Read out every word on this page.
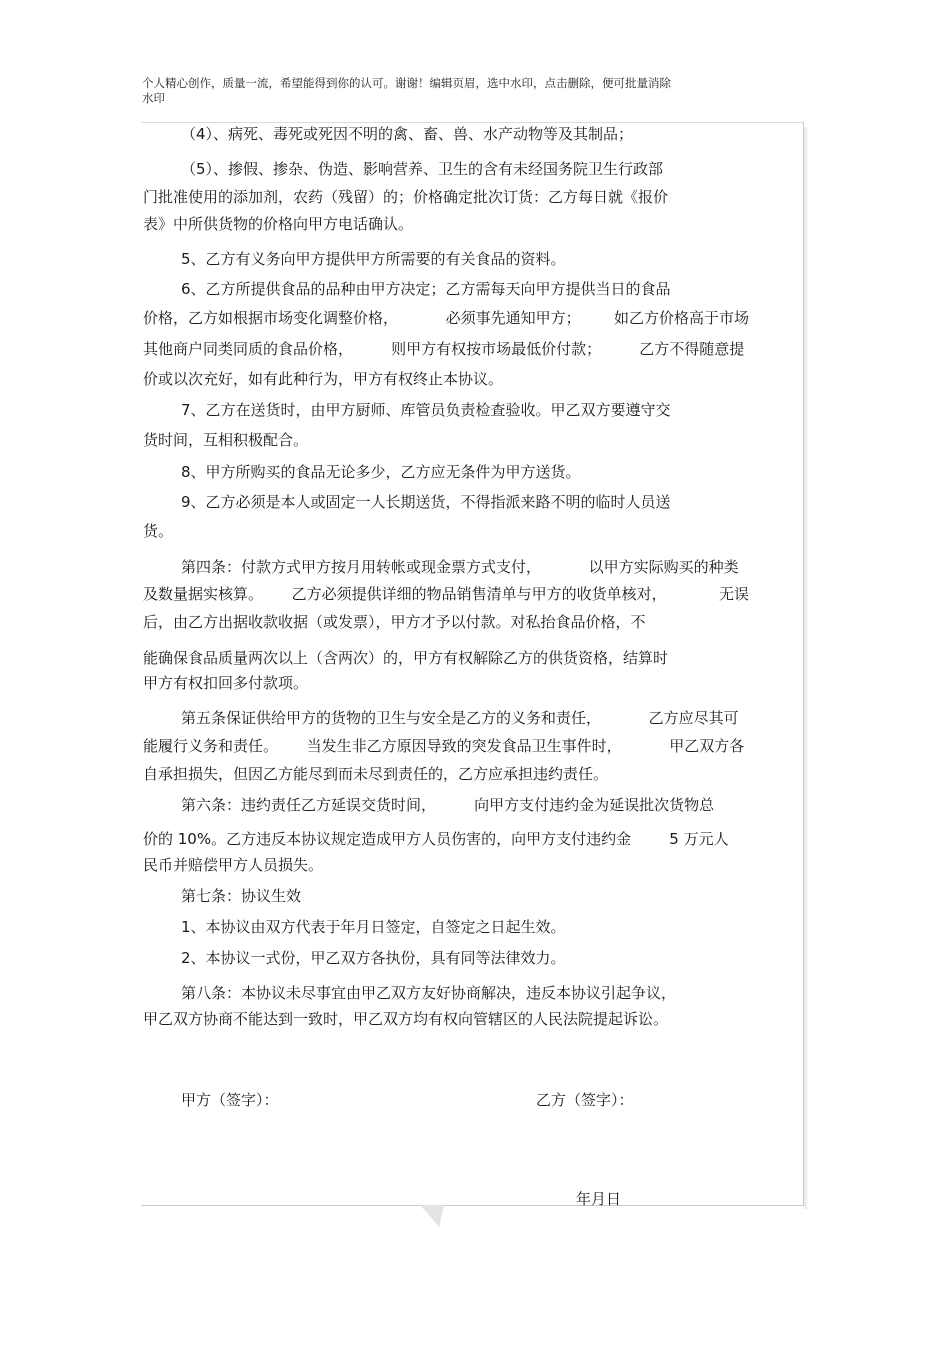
个人精心创作，质量一流，希望能得到你的认可。谢谢！编辑页眉，选中水印，点击删除，便可批量消除
水印
（4）、病死、毒死或死因不明的禽、畜、兽、水产动物等及其制品；
（5）、掺假、掺杂、伪造、影响营养、卫生的含有未经国务院卫生行政部
门批准使用的添加剂，农药（残留）的；价格确定批次订货：乙方每日就《报价
表》中所供货物的价格向甲方电话确认。
5、乙方有义务向甲方提供甲方所需要的有关食品的资料。
6、乙方所提供食品的品种由甲方决定；乙方需每天向甲方提供当日的食品
价格，乙方如根据市场变化调整价格，          必须事先通知甲方；       如乙方价格高于市场
其他商户同类同质的食品价格，        则甲方有权按市场最低价付款；        乙方不得随意提
价或以次充好，如有此种行为，甲方有权终止本协议。
7、乙方在送货时，由甲方厨师、库管员负责检查验收。甲乙双方要遵守交
货时间，互相积极配合。
8、甲方所购买的食品无论多少，乙方应无条件为甲方送货。
9、乙方必须是本人或固定一人长期送货，不得指派来路不明的临时人员送
货。
第四条：付款方式甲方按月用转帐或现金票方式支付，          以甲方实际购买的种类
及数量据实核算。      乙方必须提供详细的物品销售清单与甲方的收货单核对，           无误
后，由乙方出据收款收据（或发票），甲方才予以付款。对私抬食品价格，不
能确保食品质量两次以上（含两次）的，甲方有权解除乙方的供货资格，结算时
甲方有权扣回多付款项。
第五条保证供给甲方的货物的卫生与安全是乙方的义务和责任，          乙方应尽其可
能履行义务和责任。      当发生非乙方原因导致的突发食品卫生事件时，          甲乙双方各
自承担损失，但因乙方能尽到而未尽到责任的，乙方应承担违约责任。
第六条：违约责任乙方延误交货时间，        向甲方支付违约金为延误批次货物总
价的 10%。乙方违反本协议规定造成甲方人员伤害的，向甲方支付违约金        5 万元人
民币并赔偿甲方人员损失。
第七条：协议生效
1、本协议由双方代表于年月日签定，自签定之日起生效。
2、本协议一式份，甲乙双方各执份，具有同等法律效力。
第八条：本协议未尽事宜由甲乙双方友好协商解决，违反本协议引起争议，
甲乙双方协商不能达到一致时，甲乙双方均有权向管辖区的人民法院提起诉讼。
甲方（签字）：	乙方（签字）：
年月日
